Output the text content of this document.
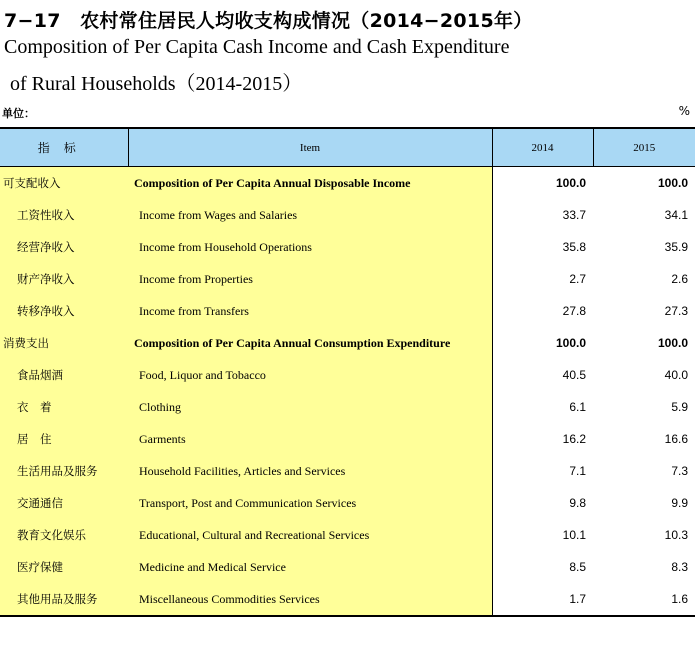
7−17　农村常住居民人均收支构成情况（2014−2015年）
Composition of Per Capita Cash Income and Cash Expenditure
of Rural Households（2014-2015）
单位：	%
指标	Item	2014	2015
可支配收入	Composition of Per Capita Annual Disposable Income	100.0	100.0
工资性收入	Income from Wages and Salaries	33.7	34.1
经营净收入	Income from Household Operations	35.8	35.9
财产净收入	Income from Properties	2.7	2.6
转移净收入	Income from Transfers	27.8	27.3
消费支出	Composition of Per Capita Annual Consumption Expenditure	100.0	100.0
食品烟酒	Food, Liquor and Tobacco	40.5	40.0
衣　着	Clothing	6.1	5.9
居　住	Garments	16.2	16.6
生活用品及服务	Household Facilities, Articles and Services	7.1	7.3
交通通信	Transport, Post and Communication Services	9.8	9.9
教育文化娱乐	Educational, Cultural and Recreational Services	10.1	10.3
医疗保健	Medicine and Medical Service	8.5	8.3
其他用品及服务	Miscellaneous Commodities Services	1.7	1.6
